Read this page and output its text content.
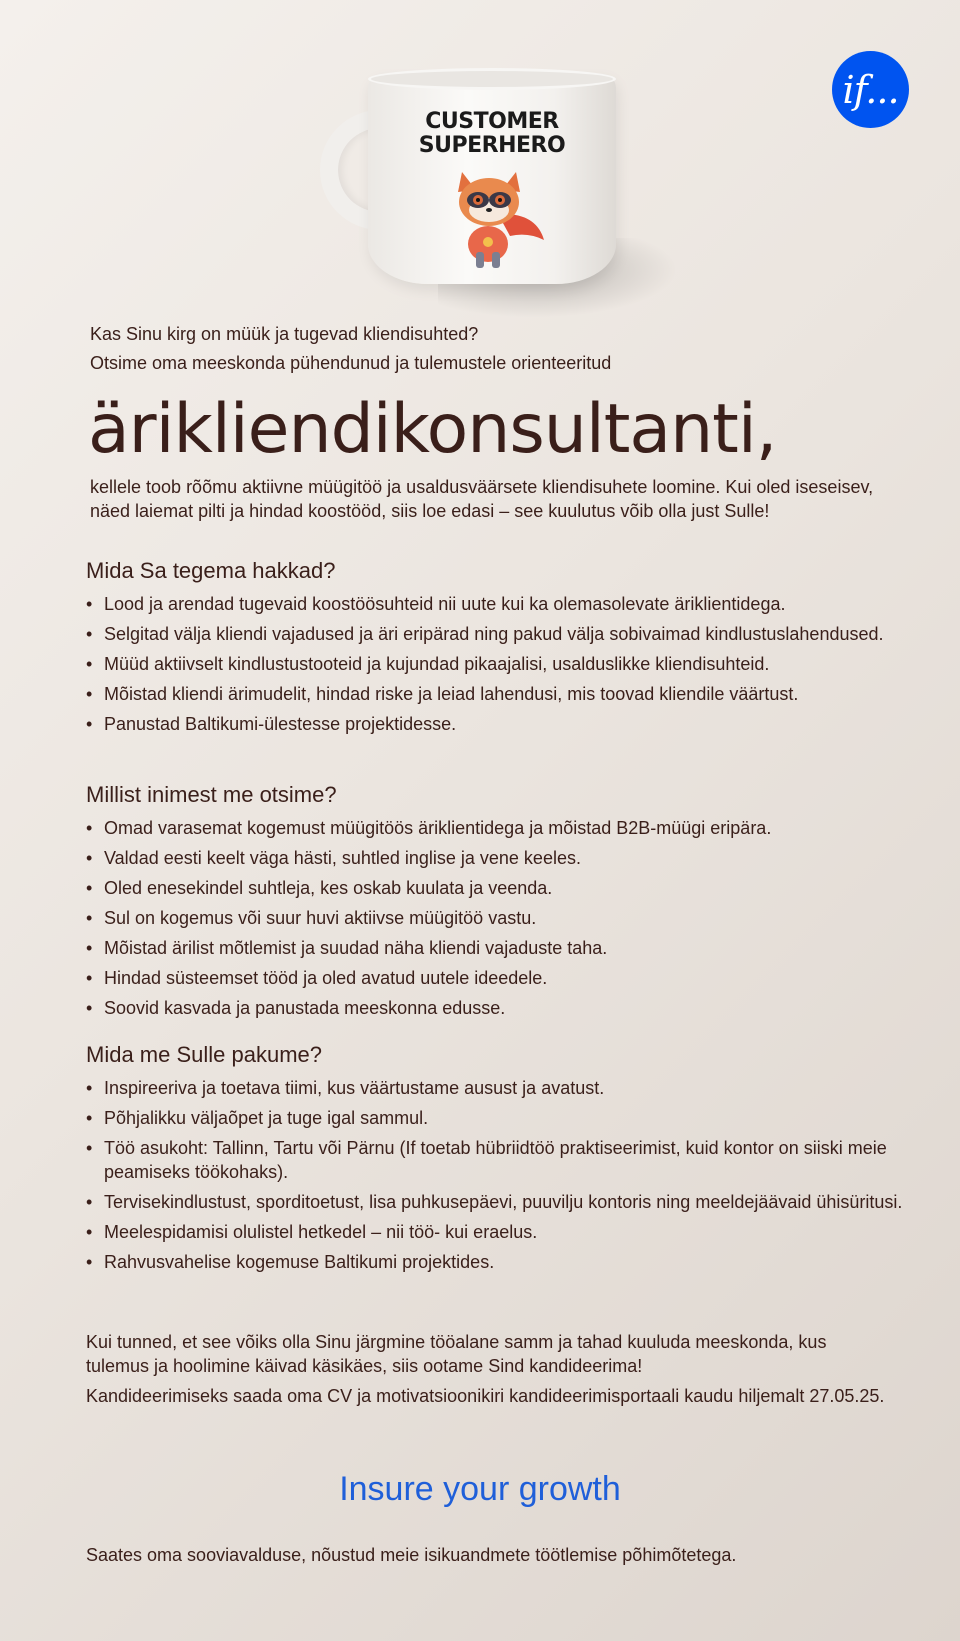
if...
CUSTOMER
SUPERHERO
Kas Sinu kirg on müük ja tugevad kliendisuhted?
Otsime oma meeskonda pühendunud ja tulemustele orienteeritud
ärikliendikonsultanti,
kellele toob rõõmu aktiivne müügitöö ja usaldusväärsete kliendisuhete loomine. Kui oled iseseisev, näed laiemat pilti ja hindad koostööd, siis loe edasi – see kuulutus võib olla just Sulle!
Mida Sa tegema hakkad?
• Lood ja arendad tugevaid koostöösuhteid nii uute kui ka olemasolevate äriklientidega.
• Selgitad välja kliendi vajadused ja äri eripärad ning pakud välja sobivaimad kindlustuslahendused.
• Müüd aktiivselt kindlustustooteid ja kujundad pikaajalisi, usalduslikke kliendisuhteid.
• Mõistad kliendi ärimudelit, hindad riske ja leiad lahendusi, mis toovad kliendile väärtust.
• Panustad Baltikumi-ülestesse projektidesse.
Millist inimest me otsime?
• Omad varasemat kogemust müügitöös äriklientidega ja mõistad B2B-müügi eripära.
• Valdad eesti keelt väga hästi, suhtled inglise ja vene keeles.
• Oled enesekindel suhtleja, kes oskab kuulata ja veenda.
• Sul on kogemus või suur huvi aktiivse müügitöö vastu.
• Mõistad ärilist mõtlemist ja suudad näha kliendi vajaduste taha.
• Hindad süsteemset tööd ja oled avatud uutele ideedele.
• Soovid kasvada ja panustada meeskonna edusse.
Mida me Sulle pakume?
• Inspireeriva ja toetava tiimi, kus väärtustame ausust ja avatust.
• Põhjalikku väljaõpet ja tuge igal sammul.
• Töö asukoht: Tallinn, Tartu või Pärnu (If toetab hübriidtöö praktiseerimist, kuid kontor on siiski meie peamiseks töökohaks).
• Tervisekindlustust, sporditoetust, lisa puhkusepäevi, puuvilju kontoris ning meeldejäävaid ühisüritusi.
• Meelespidamisi olulistel hetkedel – nii töö- kui eraelus.
• Rahvusvahelise kogemuse Baltikumi projektides.

Kui tunned, et see võiks olla Sinu järgmine tööalane samm ja tahad kuuluda meeskonda, kus tulemus ja hoolimine käivad käsikäes, siis ootame Sind kandideerima!

Kandideerimiseks saada oma CV ja motivatsioonikiri kandideerimisportaali kaudu hiljemalt 27.05.25.

Insure your growth
Saates oma sooviavalduse, nõustud meie isikuandmete töötlemise põhimõtetega.
